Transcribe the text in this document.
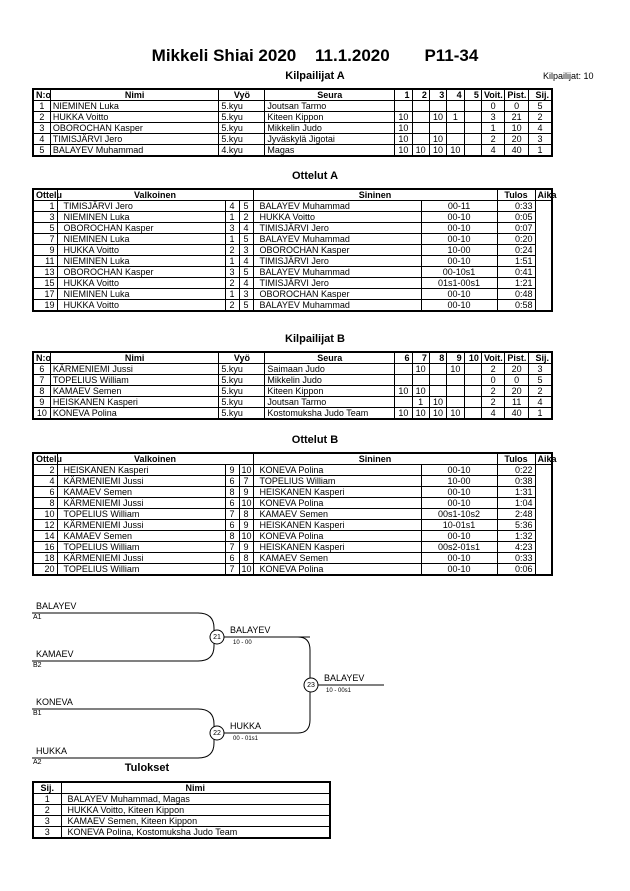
Mikkeli Shiai 2020 11.1.2020 P11-34
Kilpailijat: 10
Kilpailijat A
N:o	Nimi	Vyö	Seura	1	2	3	4	5	Voit.	Pist.	Sij.
1	NIEMINEN Luka	5.kyu	Joutsan Tarmo						0	0	5
2	HUKKA Voitto	5.kyu	Kiteen Kippon	10		10	1		3	21	2
3	OBOROCHAN Kasper	5.kyu	Mikkelin Judo	10					1	10	4
4	TIMISJÄRVI Jero	5.kyu	Jyväskylä Jigotai	10		10			2	20	3
5	BALAYEV Muhammad	4.kyu	Magas	10	10	10	10		4	40	1
Ottelut A
Ottelu	Valkoinen			Sininen		Tulos	Aika
1	TIMISJÄRVI Jero	4	5	BALAYEV Muhammad	00-11	0:33	
3	NIEMINEN Luka	1	2	HUKKA Voitto	00-10	0:05	
5	OBOROCHAN Kasper	3	4	TIMISJÄRVI Jero	00-10	0:07	
7	NIEMINEN Luka	1	5	BALAYEV Muhammad	00-10	0:20	
9	HUKKA Voitto	2	3	OBOROCHAN Kasper	10-00	0:24	
11	NIEMINEN Luka	1	4	TIMISJÄRVI Jero	00-10	1:51	
13	OBOROCHAN Kasper	3	5	BALAYEV Muhammad	00-10s1	0:41	
15	HUKKA Voitto	2	4	TIMISJÄRVI Jero	01s1-00s1	1:21	
17	NIEMINEN Luka	1	3	OBOROCHAN Kasper	00-10	0:48	
19	HUKKA Voitto	2	5	BALAYEV Muhammad	00-10	0:58	
Kilpailijat B
N:o	Nimi	Vyö	Seura	6	7	8	9	10	Voit.	Pist.	Sij.
6	KÄRMENIEMI Jussi	5.kyu	Saimaan Judo		10		10		2	20	3
7	TOPELIUS William	5.kyu	Mikkelin Judo						0	0	5
8	KAMAEV Semen	5.kyu	Kiteen Kippon	10	10				2	20	2
9	HEISKANEN Kasperi	5.kyu	Joutsan Tarmo		1	10			2	11	4
10	KONEVA Polina	5.kyu	Kostomuksha Judo Team	10	10	10	10		4	40	1
Ottelut B
Ottelu	Valkoinen			Sininen		Tulos	Aika
2	HEISKANEN Kasperi	9	10	KONEVA Polina	00-10	0:22	
4	KÄRMENIEMI Jussi	6	7	TOPELIUS William	10-00	0:38	
6	KAMAEV Semen	8	9	HEISKANEN Kasperi	00-10	1:31	
8	KÄRMENIEMI Jussi	6	10	KONEVA Polina	00-10	1:04	
10	TOPELIUS William	7	8	KAMAEV Semen	00s1-10s2	2:48	
12	KÄRMENIEMI Jussi	6	9	HEISKANEN Kasperi	10-01s1	5:36	
14	KAMAEV Semen	8	10	KONEVA Polina	00-10	1:32	
16	TOPELIUS William	7	9	HEISKANEN Kasperi	00s2-01s1	4:23	
18	KÄRMENIEMI Jussi	6	8	KAMAEV Semen	00-10	0:33	
20	TOPELIUS William	7	10	KONEVA Polina	00-10	0:06	
BALAYEV
A1
KAMAEV
B2
KONEVA
B1
HUKKA
A2
21
BALAYEV
10 - 00
22
HUKKA
00 - 01s1
23
BALAYEV
10 - 00s1
Tulokset
Sij.	Nimi
1	BALAYEV Muhammad, Magas
2	HUKKA Voitto, Kiteen Kippon
3	KAMAEV Semen, Kiteen Kippon
3	KONEVA Polina, Kostomuksha Judo Team
